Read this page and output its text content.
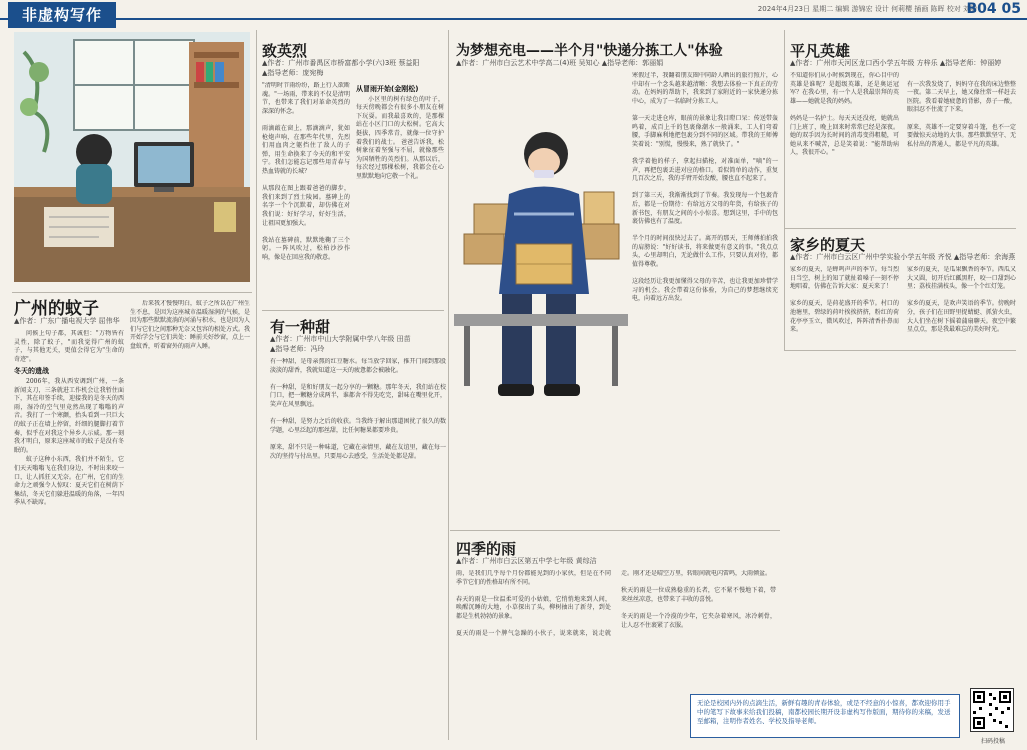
非虚构写作	2024年4月23日 星期二 编辑 游锦宏 设计 何莉樱 插画 陈晖 校对 刘腾
B04 05
广州的蚊子
▲作者：广东广播电视大学 屈伟华

问候上句子都，其诚但："万物皆有灵性，除了蚊子，"而我觉得广州的蚊子，与其他无关，更值会得它为"生命的奇迹"。

冬天的遗战

2006年，我从西安调到广州，一条新闻支刀，三条就进工作机会让我暂住面下，其在印签手续，迎接我的是冬天的西雨，湿冷的空气里竟然出现了嗡嗡的声音。我打了一个寒颤，抬头看到一只巨大的蚊子正在墙上停留，纤细的腿脚打着节奏，似乎在对我这个异乡人示威。那一刻我才明白，原来这座城市的蚊子是没有冬眠的。

蚊子这种小东西，我们并不陌生，它们天天嗡嗡飞在我们身边，不时出来咬一口，让人抓狂又无奈。在广州，它们的生命力之顽强令人惊叹：夏天它们在树荫下集结，冬天它们躲进温暖的角落，一年四季从不缺席。

后来我才慢慢明白，蚊子之所以在广州生生不息，是因为这座城市温暖湿润的气候，是因为那些默默流淌的河涌与积水，也是因为人们与它们之间那种无奈又包容的相处方式。我开始学会与它们共处：睡前关好纱窗，点上一盘蚊香，听着窗外的雨声入睡。

致英烈
▲作者：广州市番禺区市桥富都小学(六)3班 蔡益阳
▲指导老师：庞宛梅
"清明时节雨纷纷，路上行人欲断魂。"一场雨，带来的不仅是清明节，也带来了我们对革命英烈的深深的怀念。

雨滴敲在窗上，那滴滴声，犹如枪炮声响，在那些年代里，先烈们用血肉之躯挡住了敌人的子弹，用生命换来了今天的和平安宁。我们怎能忘记那些用青春与热血铸就的长城？

从那段在图上跟着爸爸的脚步，我们来到了烈士陵园。墓碑上的名字一个个沉默着，却仿佛在对我们说：好好学习，好好生活，让祖国更加强大。

我站在墓碑前，默默地鞠了三个躬。一阵风吹过，松柏沙沙作响，像是在回应我的敬意。
从冒雨开始(金刚松)

小区里的树有绿色的叶子，每天傍晚都会有很多小朋友在树下玩耍。而我最喜欢的，是那棵站在小区门口的大松树。它高大挺拔，四季常青，就像一位守护着我们的战士。 爸爸告诉我，松树象征着坚强与不屈，就像那些为国牺牲的英烈们。从那以后，每次经过那棵松树，我都会在心里默默地向它敬一个礼。

有一种甜
▲作者：广州市中山大学附属中学八年级 田苗
▲指导老师：冯玲
有一种甜，是母亲熬的红豆糖水。每当放学回家，推开门闻到那股淡淡的甜香，我就知道这一天的疲惫都会被融化。

有一种甜，是和好朋友一起分享的一颗糖。那年冬天，我们站在校门口，把一颗糖分成两半，谁都舍不得先吃完，甜味在嘴里化开，笑声在风里飘远。

有一种甜，是努力之后的收获。当我终于解出那道困扰了很久的数学题，心里泛起的那丝甜，比任何糖果都要珍贵。

原来，甜不只是一种味道，它藏在亲情里，藏在友谊里，藏在每一次的坚持与付出里。只要用心去感受，生活处处都是甜。
为梦想充电——半个月"快递分拣工人"体验
▲作者：广州市白云艺术中学高二(4)班 吴知心 ▲指导老师：郭丽娟
寒假过半，我翻着朋友圈中同龄人晒出的旅行照片，心中却有一个念头越来越清晰：我想去体验一下真正的劳动。在妈妈的帮助下，我来到了家附近的一家快递分拣中心，成为了一名临时分拣工人。

第一天走进仓库，眼前的景象让我目瞪口呆：传送带轰鸣着，成百上千的包裹像潮水一般涌来，工人们弯着腰，手脚麻利地把包裹分到不同的区域。带我的王师傅笑着说："别慌，慢慢来，熟了就快了。"

我学着他的样子，拿起扫描枪，对准面单，"嘀"的一声，再把包裹丢进对应的格口。看似简单的动作，重复几百次之后，我的手臂开始发酸，腰也直不起来了。

到了第三天，我渐渐找到了节奏。我发现每一个包裹背后，都是一份期待：有给远方父母的年货，有给孩子的新书包，有朋友之间的小小惊喜。想到这里，手中的包裹仿佛也有了温度。

半个月的时间很快过去了。离开的那天，王师傅拍拍我的肩膀说："好好读书，将来做更有意义的事。"我点点头，心里却明白，无论做什么工作，只要认真对待，都值得尊敬。

这段经历让我更加懂得父母的辛苦，也让我更加珍惜学习的机会。我会带着这份体验，为自己的梦想继续充电，向着远方出发。
四季的雨
▲作者：广州市白云区第五中学七年级 黄综洁
雨，是我们几乎每个月份都能见到的小家伙，但是在不同季节它们的性格却有所不同。

春天的雨是一位温柔可爱的小姑娘，它悄悄地来到人间，唤醒沉睡的大地，小草探出了头，柳树抽出了新芽，到处都是生机勃勃的景象。

夏天的雨是一个脾气急躁的小伙子，说来就来，说走就走。刚才还是晴空万里，转眼间就电闪雷鸣，大雨倾盆。

秋天的雨是一位成熟稳重的长者，它不紧不慢地下着，带来丝丝凉意，也带来了丰收的喜悦。

冬天的雨是一个冷漠的少年，它夹杂着寒风，冰冷刺骨，让人忍不住裹紧了衣服。
平凡英雄
▲作者：广州市天河区龙口西小学五年级 方梓乐 ▲指导老师：钟丽婷
不知道你们从小时候到现在，你心目中的英雄是谁呢？是超级英雄，还是奥运冠军？在我心里，有一个人是我最崇拜的英雄——她就是我的妈妈。

妈妈是一名护士。每天天还没亮，她就出门上班了，晚上回来时常常已经是深夜。她的双手因为长时间的消毒变得粗糙，可她从来不喊苦，总是笑着说："能帮助病人，我很开心。"

有一次我发烧了，妈妈守在我的床边整整一夜。第二天早上，她又像往常一样赶去医院。我看着她疲惫的背影，鼻子一酸，眼泪忍不住流了下来。

原来，英雄不一定要穿着斗篷，也不一定要做惊天动地的大事。那些默默坚守、无私付出的普通人，都是平凡的英雄。
家乡的夏天
▲作者：广州市白云区广州中学实验小学五年级 齐悦 ▲指导老师：余海燕
家乡的夏天，是蝉鸣声声的季节。每当烈日当空，树上的知了就扯着嗓子一刻不停地唱着，仿佛在告诉大家：夏天来了！

家乡的夏天，是荷花盛开的季节。村口的池塘里，碧绿的荷叶挨挨挤挤，粉红的荷花亭亭玉立，微风吹过，阵阵清香扑鼻而来。

家乡的夏天，是瓜果飘香的季节。西瓜又大又圆，切开后红瓤黑籽，咬一口甜到心里；荔枝挂满枝头，像一个个红灯笼。

家乡的夏天，是欢声笑语的季节。傍晚时分，孩子们在田野里捉蜻蜓、抓萤火虫，大人们坐在树下摇着蒲扇聊天。夜空中繁星点点，那是我最难忘的美好时光。
无论是校园内外的点滴生活，新鲜有趣的青春体验，或是不经意的小惊喜，都欢迎你用手中的笔写下故事来给我们投稿，南都校园长期开设非虚构写作版面，期待你的来稿，发送至邮箱，注明作者姓名、学校及指导老师。
扫码投稿
